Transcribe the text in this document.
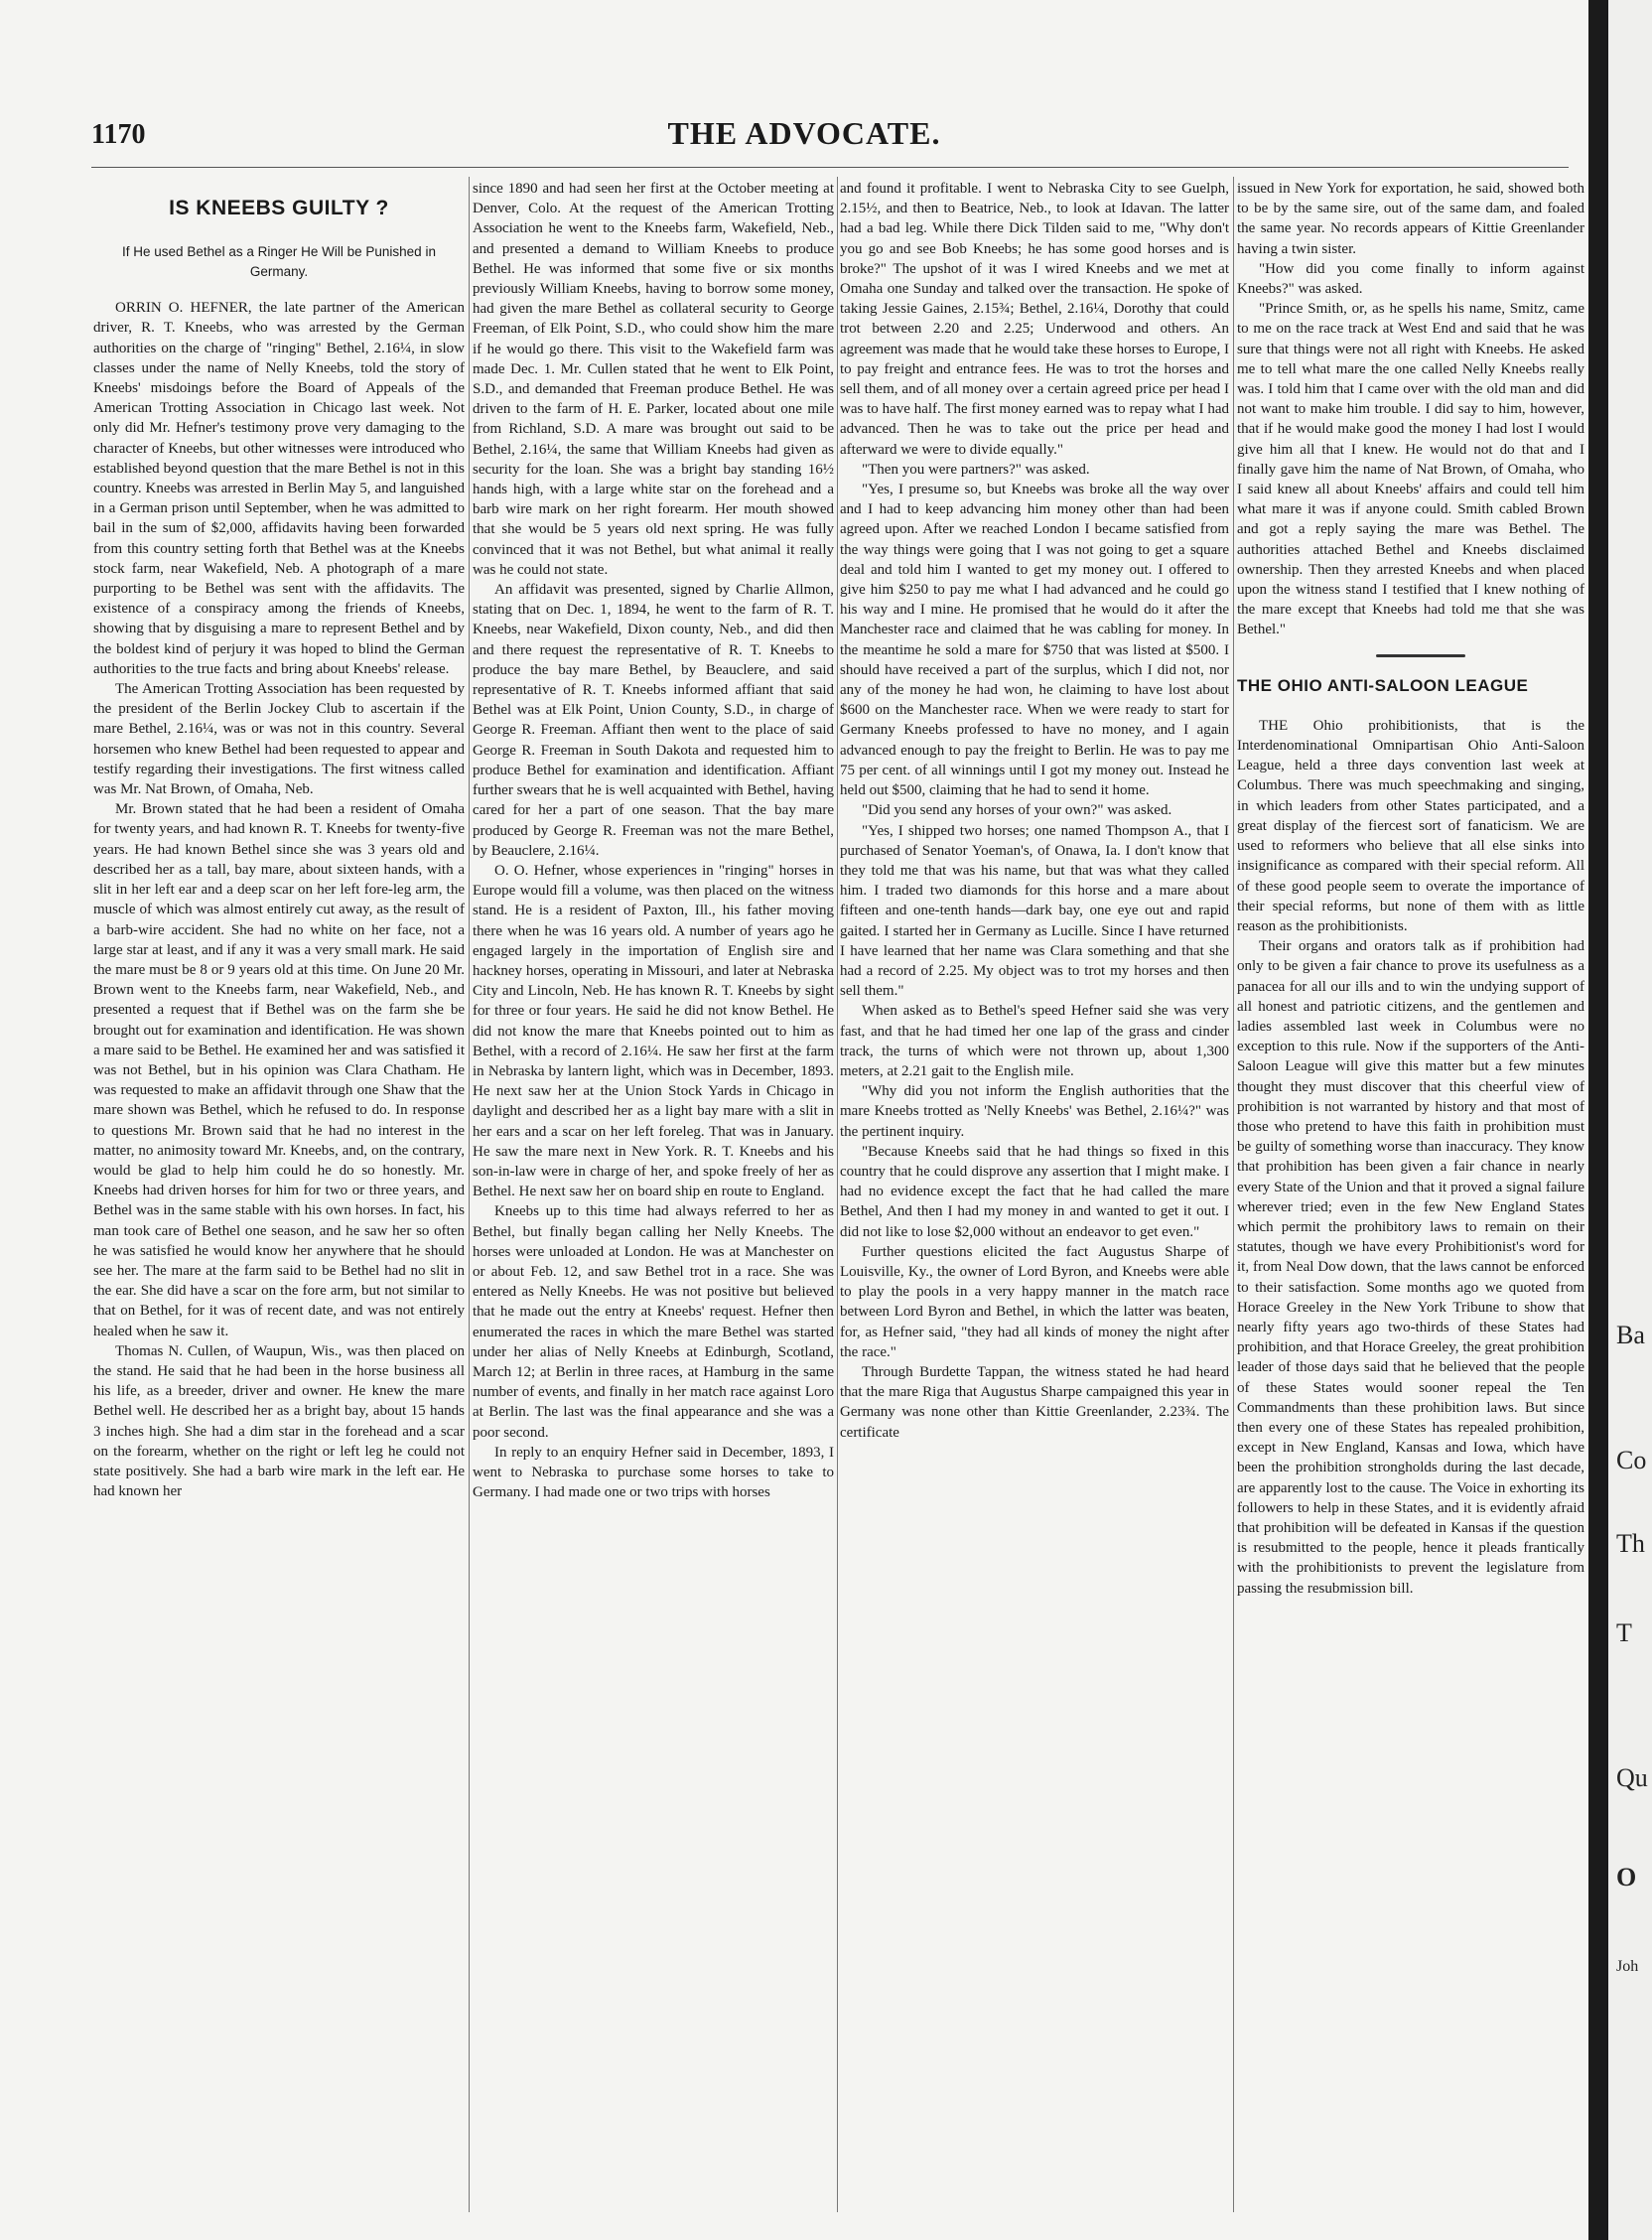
1170	THE ADVOCATE.
IS KNEEBS GUILTY ?
If He used Bethel as a Ringer He Will be Punished in Germany.

ORRIN O. HEFNER, the late partner of the American driver, R. T. Kneebs, who was arrested by the German authorities on the charge of "ringing" Bethel, 2.16¼, in slow classes under the name of Nelly Kneebs, told the story of Kneebs' misdoings before the Board of Appeals of the American Trotting Association in Chicago last week. Not only did Mr. Hefner's testimony prove very damaging to the character of Kneebs, but other witnesses were introduced who established beyond question that the mare Bethel is not in this country. Kneebs was arrested in Berlin May 5, and languished in a German prison until September, when he was admitted to bail in the sum of $2,000, affidavits having been forwarded from this country setting forth that Bethel was at the Kneebs stock farm, near Wakefield, Neb. A photograph of a mare purporting to be Bethel was sent with the affidavits. The existence of a conspiracy among the friends of Kneebs, showing that by disguising a mare to represent Bethel and by the boldest kind of perjury it was hoped to blind the German authorities to the true facts and bring about Kneebs' release.

The American Trotting Association has been requested by the president of the Berlin Jockey Club to ascertain if the mare Bethel, 2.16¼, was or was not in this country. Several horsemen who knew Bethel had been requested to appear and testify regarding their investigations. The first witness called was Mr. Nat Brown, of Omaha, Neb.

Mr. Brown stated that he had been a resident of Omaha for twenty years, and had known R. T. Kneebs for twenty-five years. He had known Bethel since she was 3 years old and described her as a tall, bay mare, about sixteen hands, with a slit in her left ear and a deep scar on her left fore-leg arm, the muscle of which was almost entirely cut away, as the result of a barb-wire accident. She had no white on her face, not a large star at least, and if any it was a very small mark. He said the mare must be 8 or 9 years old at this time. On June 20 Mr. Brown went to the Kneebs farm, near Wakefield, Neb., and presented a request that if Bethel was on the farm she be brought out for examination and identification. He was shown a mare said to be Bethel. He examined her and was satisfied it was not Bethel, but in his opinion was Clara Chatham. He was requested to make an affidavit through one Shaw that the mare shown was Bethel, which he refused to do. In response to questions Mr. Brown said that he had no interest in the matter, no animosity toward Mr. Kneebs, and, on the contrary, would be glad to help him could he do so honestly. Mr. Kneebs had driven horses for him for two or three years, and Bethel was in the same stable with his own horses. In fact, his man took care of Bethel one season, and he saw her so often he was satisfied he would know her anywhere that he should see her. The mare at the farm said to be Bethel had no slit in the ear. She did have a scar on the fore arm, but not similar to that on Bethel, for it was of recent date, and was not entirely healed when he saw it.

Thomas N. Cullen, of Waupun, Wis., was then placed on the stand. He said that he had been in the horse business all his life, as a breeder, driver and owner. He knew the mare Bethel well. He described her as a bright bay, about 15 hands 3 inches high. She had a dim star in the forehead and a scar on the forearm, whether on the right or left leg he could not state positively. She had a barb wire mark in the left ear. He had known her

since 1890 and had seen her first at the October meeting at Denver, Colo. At the request of the American Trotting Association he went to the Kneebs farm, Wakefield, Neb., and presented a demand to William Kneebs to produce Bethel. He was informed that some five or six months previously William Kneebs, having to borrow some money, had given the mare Bethel as collateral security to George Freeman, of Elk Point, S.D., who could show him the mare if he would go there. This visit to the Wakefield farm was made Dec. 1. Mr. Cullen stated that he went to Elk Point, S.D., and demanded that Freeman produce Bethel. He was driven to the farm of H. E. Parker, located about one mile from Richland, S.D. A mare was brought out said to be Bethel, 2.16¼, the same that William Kneebs had given as security for the loan. She was a bright bay standing 16½ hands high, with a large white star on the forehead and a barb wire mark on her right forearm. Her mouth showed that she would be 5 years old next spring. He was fully convinced that it was not Bethel, but what animal it really was he could not state.

An affidavit was presented, signed by Charlie Allmon, stating that on Dec. 1, 1894, he went to the farm of R. T. Kneebs, near Wakefield, Dixon county, Neb., and did then and there request the representative of R. T. Kneebs to produce the bay mare Bethel, by Beauclere, and said representative of R. T. Kneebs informed affiant that said Bethel was at Elk Point, Union County, S.D., in charge of George R. Freeman. Affiant then went to the place of said George R. Freeman in South Dakota and requested him to produce Bethel for examination and identification. Affiant further swears that he is well acquainted with Bethel, having cared for her a part of one season. That the bay mare produced by George R. Freeman was not the mare Bethel, by Beauclere, 2.16¼.

O. O. Hefner, whose experiences in "ringing" horses in Europe would fill a volume, was then placed on the witness stand. He is a resident of Paxton, Ill., his father moving there when he was 16 years old. A number of years ago he engaged largely in the importation of English sire and hackney horses, operating in Missouri, and later at Nebraska City and Lincoln, Neb. He has known R. T. Kneebs by sight for three or four years. He said he did not know Bethel. He did not know the mare that Kneebs pointed out to him as Bethel, with a record of 2.16¼. He saw her first at the farm in Nebraska by lantern light, which was in December, 1893. He next saw her at the Union Stock Yards in Chicago in daylight and described her as a light bay mare with a slit in her ears and a scar on her left foreleg. That was in January. He saw the mare next in New York. R. T. Kneebs and his son-in-law were in charge of her, and spoke freely of her as Bethel. He next saw her on board ship en route to England.

Kneebs up to this time had always referred to her as Bethel, but finally began calling her Nelly Kneebs. The horses were unloaded at London. He was at Manchester on or about Feb. 12, and saw Bethel trot in a race. She was entered as Nelly Kneebs. He was not positive but believed that he made out the entry at Kneebs' request. Hefner then enumerated the races in which the mare Bethel was started under her alias of Nelly Kneebs at Edinburgh, Scotland, March 12; at Berlin in three races, at Hamburg in the same number of events, and finally in her match race against Loro at Berlin. The last was the final appearance and she was a poor second.

In reply to an enquiry Hefner said in December, 1893, I went to Nebraska to purchase some horses to take to Germany. I had made one or two trips with horses

and found it profitable. I went to Nebraska City to see Guelph, 2.15½, and then to Beatrice, Neb., to look at Idavan. The latter had a bad leg. While there Dick Tilden said to me, "Why don't you go and see Bob Kneebs; he has some good horses and is broke?" The upshot of it was I wired Kneebs and we met at Omaha one Sunday and talked over the transaction. He spoke of taking Jessie Gaines, 2.15¾; Bethel, 2.16¼, Dorothy that could trot between 2.20 and 2.25; Underwood and others. An agreement was made that he would take these horses to Europe, I to pay freight and entrance fees. He was to trot the horses and sell them, and of all money over a certain agreed price per head I was to have half. The first money earned was to repay what I had advanced. Then he was to take out the price per head and afterward we were to divide equally."

"Then you were partners?" was asked.

"Yes, I presume so, but Kneebs was broke all the way over and I had to keep advancing him money other than had been agreed upon. After we reached London I became satisfied from the way things were going that I was not going to get a square deal and told him I wanted to get my money out. I offered to give him $250 to pay me what I had advanced and he could go his way and I mine. He promised that he would do it after the Manchester race and claimed that he was cabling for money. In the meantime he sold a mare for $750 that was listed at $500. I should have received a part of the surplus, which I did not, nor any of the money he had won, he claiming to have lost about $600 on the Manchester race. When we were ready to start for Germany Kneebs professed to have no money, and I again advanced enough to pay the freight to Berlin. He was to pay me 75 per cent. of all winnings until I got my money out. Instead he held out $500, claiming that he had to send it home.

"Did you send any horses of your own?" was asked.

"Yes, I shipped two horses; one named Thompson A., that I purchased of Senator Yoeman's, of Onawa, Ia. I don't know that they told me that was his name, but that was what they called him. I traded two diamonds for this horse and a mare about fifteen and one-tenth hands—dark bay, one eye out and rapid gaited. I started her in Germany as Lucille. Since I have returned I have learned that her name was Clara something and that she had a record of 2.25. My object was to trot my horses and then sell them."

When asked as to Bethel's speed Hefner said she was very fast, and that he had timed her one lap of the grass and cinder track, the turns of which were not thrown up, about 1,300 meters, at 2.21 gait to the English mile.

"Why did you not inform the English authorities that the mare Kneebs trotted as 'Nelly Kneebs' was Bethel, 2.16¼?" was the pertinent inquiry.

"Because Kneebs said that he had things so fixed in this country that he could disprove any assertion that I might make. I had no evidence except the fact that he had called the mare Bethel, And then I had my money in and wanted to get it out. I did not like to lose $2,000 without an endeavor to get even."

Further questions elicited the fact Augustus Sharpe of Louisville, Ky., the owner of Lord Byron, and Kneebs were able to play the pools in a very happy manner in the match race between Lord Byron and Bethel, in which the latter was beaten, for, as Hefner said, "they had all kinds of money the night after the race."

Through Burdette Tappan, the witness stated he had heard that the mare Riga that Augustus Sharpe campaigned this year in Germany was none other than Kittie Greenlander, 2.23¾. The certificate

issued in New York for exportation, he said, showed both to be by the same sire, out of the same dam, and foaled the same year. No records appears of Kittie Greenlander having a twin sister.

"How did you come finally to inform against Kneebs?" was asked.

"Prince Smith, or, as he spells his name, Smitz, came to me on the race track at West End and said that he was sure that things were not all right with Kneebs. He asked me to tell what mare the one called Nelly Kneebs really was. I told him that I came over with the old man and did not want to make him trouble. I did say to him, however, that if he would make good the money I had lost I would give him all that I knew. He would not do that and I finally gave him the name of Nat Brown, of Omaha, who I said knew all about Kneebs' affairs and could tell him what mare it was if anyone could. Smith cabled Brown and got a reply saying the mare was Bethel. The authorities attached Bethel and Kneebs disclaimed ownership. Then they arrested Kneebs and when placed upon the witness stand I testified that I knew nothing of the mare except that Kneebs had told me that she was Bethel."

THE OHIO ANTI-SALOON LEAGUE

THE Ohio prohibitionists, that is the Interdenominational Omnipartisan Ohio Anti-Saloon League, held a three days convention last week at Columbus. There was much speechmaking and singing, in which leaders from other States participated, and a great display of the fiercest sort of fanaticism. We are used to reformers who believe that all else sinks into insignificance as compared with their special reform. All of these good people seem to overate the importance of their special reforms, but none of them with as little reason as the prohibitionists.

Their organs and orators talk as if prohibition had only to be given a fair chance to prove its usefulness as a panacea for all our ills and to win the undying support of all honest and patriotic citizens, and the gentlemen and ladies assembled last week in Columbus were no exception to this rule. Now if the supporters of the Anti-Saloon League will give this matter but a few minutes thought they must discover that this cheerful view of prohibition is not warranted by history and that most of those who pretend to have this faith in prohibition must be guilty of something worse than inaccuracy. They know that prohibition has been given a fair chance in nearly every State of the Union and that it proved a signal failure wherever tried; even in the few New England States which permit the prohibitory laws to remain on their statutes, though we have every Prohibitionist's word for it, from Neal Dow down, that the laws cannot be enforced to their satisfaction. Some months ago we quoted from Horace Greeley in the New York Tribune to show that nearly fifty years ago two-thirds of these States had prohibition, and that Horace Greeley, the great prohibition leader of those days said that he believed that the people of these States would sooner repeal the Ten Commandments than these prohibition laws. But since then every one of these States has repealed prohibition, except in New England, Kansas and Iowa, which have been the prohibition strongholds during the last decade, are apparently lost to the cause. The Voice in exhorting its followers to help in these States, and it is evidently afraid that prohibition will be defeated in Kansas if the question is resubmitted to the people, hence it pleads frantically with the prohibitionists to prevent the legislature from passing the resubmission bill.

Ba
Co
Th
T
Qu
O
Joh
